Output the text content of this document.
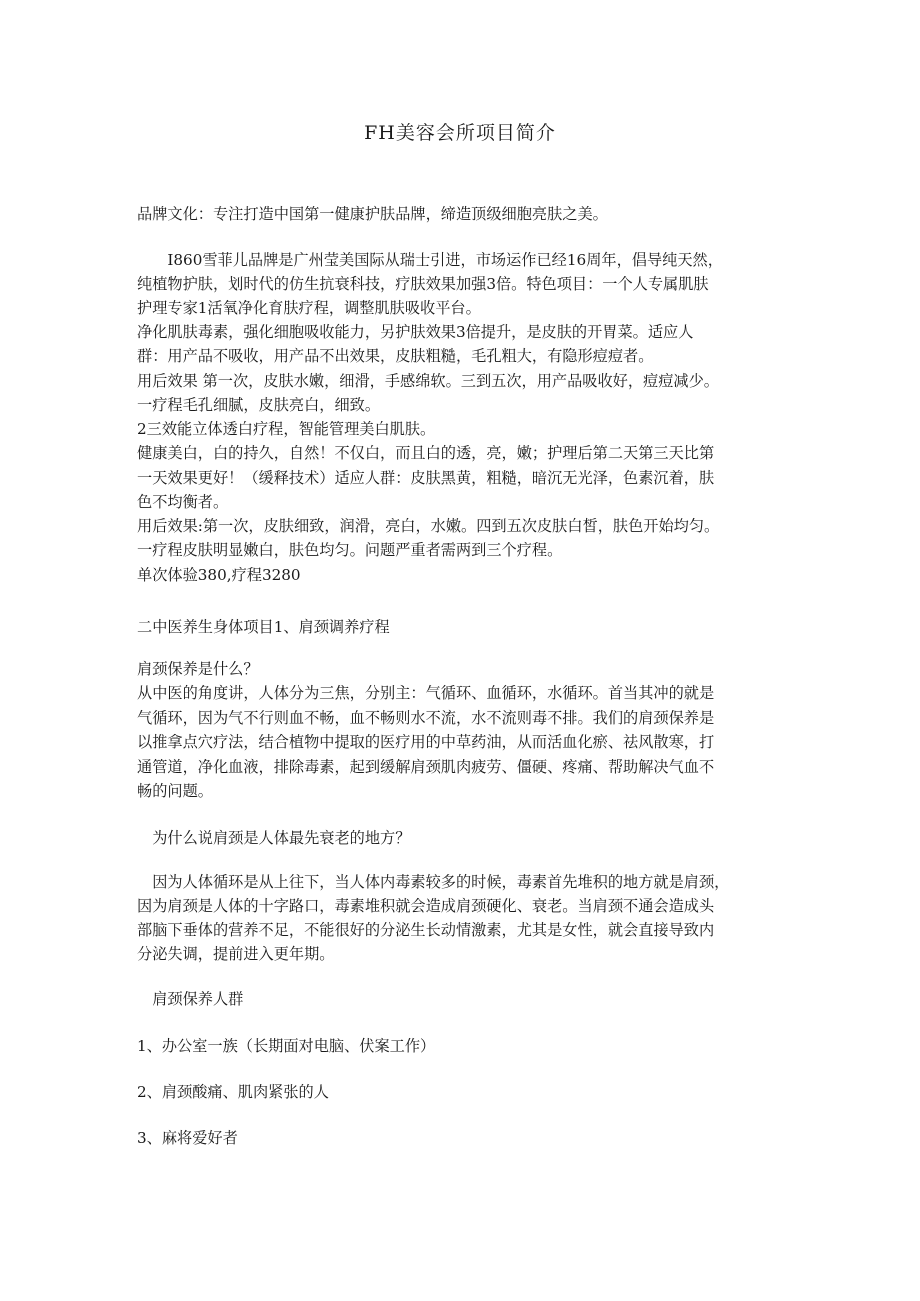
FH美容会所项目简介
品牌文化：专注打造中国第一健康护肤品牌，缔造顶级细胞亮肤之美。
　　I860雪菲儿品牌是广州莹美国际从瑞士引进，市场运作已经16周年，倡导纯天然，
纯植物护肤，划时代的仿生抗衰科技，疗肤效果加强3倍。特色项目：一个人专属肌肤
护理专家1活氧净化育肤疗程，调整肌肤吸收平台。
净化肌肤毒素，强化细胞吸收能力，另护肤效果3倍提升，是皮肤的开胃菜。适应人
群：用产品不吸收，用产品不出效果，皮肤粗糙，毛孔粗大，有隐形痘痘者。
用后效果 第一次，皮肤水嫩，细滑，手感绵软。三到五次，用产品吸收好，痘痘减少。
一疗程毛孔细腻，皮肤亮白，细致。
2三效能立体透白疗程，智能管理美白肌肤。
健康美白，白的持久，自然！不仅白，而且白的透，亮，嫩；护理后第二天第三天比第
一天效果更好！（缓释技术）适应人群：皮肤黑黄，粗糙，暗沉无光泽，色素沉着，肤
色不均衡者。
用后效果:第一次，皮肤细致，润滑，亮白，水嫩。四到五次皮肤白皙，肤色开始均匀。
一疗程皮肤明显嫩白，肤色均匀。问题严重者需两到三个疗程。
单次体验380,疗程3280
二中医养生身体项目1、肩颈调养疗程
肩颈保养是什么？
从中医的角度讲，人体分为三焦，分别主：气循环、血循环，水循环。首当其冲的就是
气循环，因为气不行则血不畅，血不畅则水不流，水不流则毒不排。我们的肩颈保养是
以推拿点穴疗法，结合植物中提取的医疗用的中草药油，从而活血化瘀、祛风散寒，打
通管道，净化血液，排除毒素，起到缓解肩颈肌肉疲劳、僵硬、疼痛、帮助解决气血不
畅的问题。
　为什么说肩颈是人体最先衰老的地方？
　因为人体循环是从上往下，当人体内毒素较多的时候，毒素首先堆积的地方就是肩颈，
因为肩颈是人体的十字路口，毒素堆积就会造成肩颈硬化、衰老。当肩颈不通会造成头
部脑下垂体的营养不足，不能很好的分泌生长动情激素，尤其是女性，就会直接导致内
分泌失调，提前进入更年期。
　肩颈保养人群
1、办公室一族（长期面对电脑、伏案工作）
2、肩颈酸痛、肌肉紧张的人
3、麻将爱好者
